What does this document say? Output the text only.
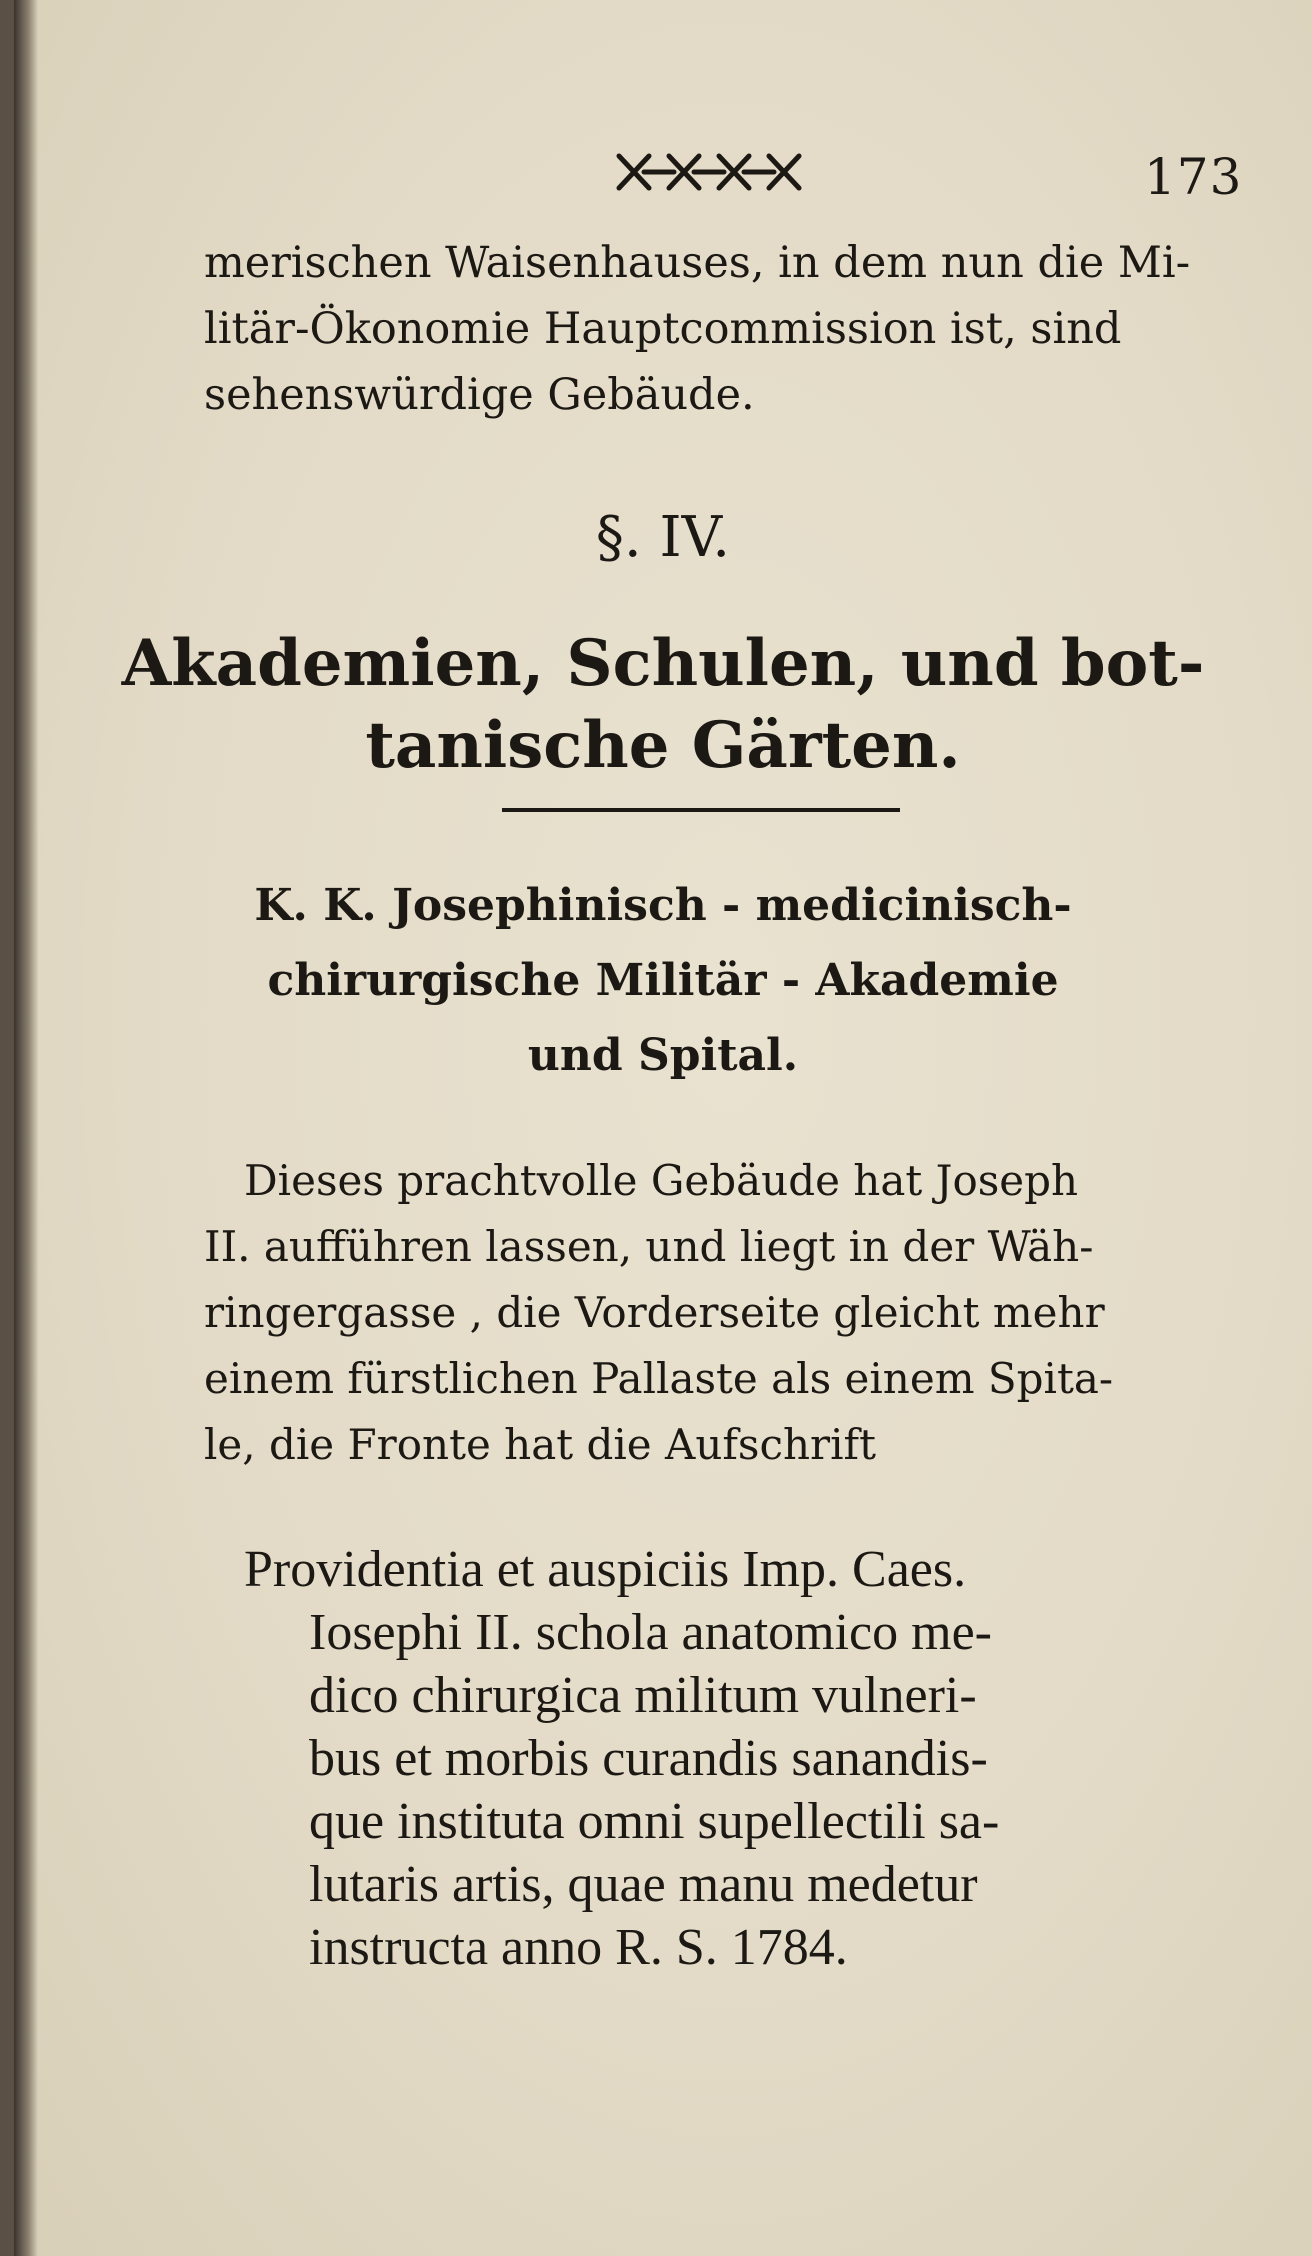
173
merischen Waisenhauses, in dem nun die Mi-
litär-Ökonomie Hauptcommission ist, sind
sehenswürdige Gebäude.
§. IV.
Akademien, Schulen, und bot-
tanische Gärten.
K. K. Josephinisch - medicinisch-
chirurgische Militär - Akademie
und Spital.
Dieses prachtvolle Gebäude hat Joseph
II. aufführen lassen, und liegt in der Wäh-
ringergasse , die Vorderseite gleicht mehr
einem fürstlichen Pallaste als einem Spita-
le, die Fronte hat die Aufschrift
Providentia et auspiciis Imp. Caes.
Iosephi II. schola anatomico me-
dico chirurgica militum vulneri-
bus et morbis curandis sanandis-
que instituta omni supellectili sa-
lutaris artis, quae manu medetur
instructa anno R. S. 1784.
